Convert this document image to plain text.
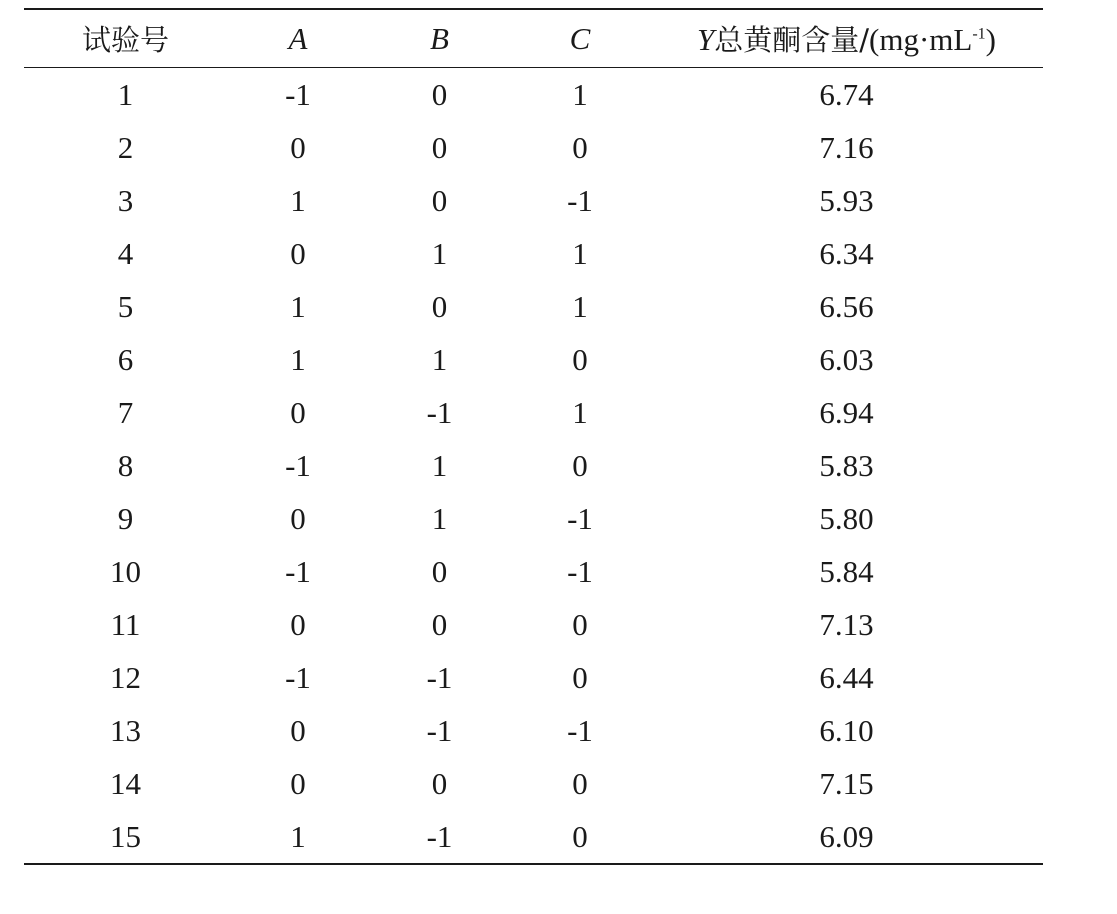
试验号	A	B	C	Y总黄酮含量$/(mg\cdot mL^{-1})$
1	-1	0	1	6.74
2	0	0	0	7.16
3	1	0	-1	5.93
4	0	1	1	6.34
5	1	0	1	6.56
6	1	1	0	6.03
7	0	-1	1	6.94
8	-1	1	0	5.83
9	0	1	-1	5.80
10	-1	0	-1	5.84
11	0	0	0	7.13
12	-1	-1	0	6.44
13	0	-1	-1	6.10
14	0	0	0	7.15
15	1	-1	0	6.09
